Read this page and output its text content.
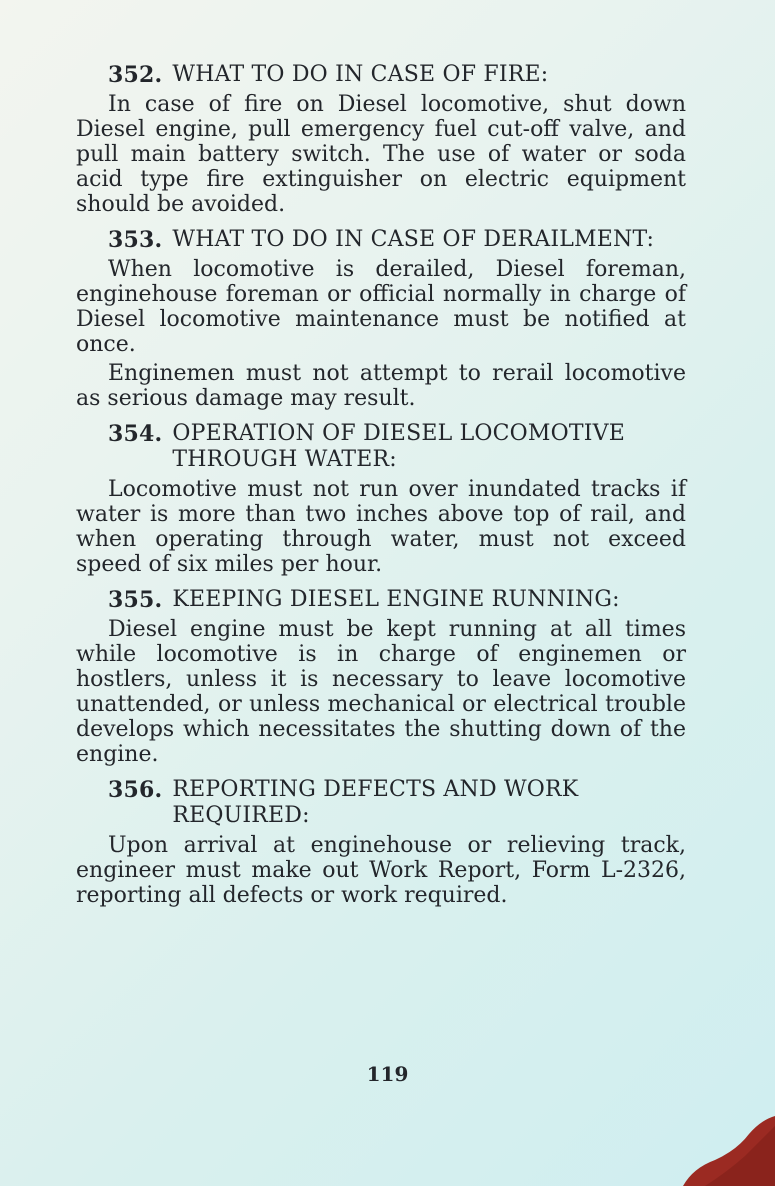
352. WHAT TO DO IN CASE OF FIRE:

In case of fire on Diesel locomotive, shut down Diesel engine, pull emergency fuel cut-off valve, and pull main battery switch. The use of water or soda acid type fire extinguisher on electric equipment should be avoided.

353. WHAT TO DO IN CASE OF DERAILMENT:

When locomotive is derailed, Diesel foreman, enginehouse foreman or official normally in charge of Diesel locomotive maintenance must be notified at once.

Enginemen must not attempt to rerail locomotive as serious damage may result.

354. OPERATION OF DIESEL LOCOMOTIVE THROUGH WATER:

Locomotive must not run over inundated tracks if water is more than two inches above top of rail, and when operating through water, must not exceed speed of six miles per hour.

355. KEEPING DIESEL ENGINE RUNNING:

Diesel engine must be kept running at all times while locomotive is in charge of enginemen or hostlers, unless it is necessary to leave locomotive unattended, or unless mechanical or electrical trouble develops which necessitates the shutting down of the engine.

356. REPORTING DEFECTS AND WORK REQUIRED:

Upon arrival at enginehouse or relieving track, engineer must make out Work Report, Form L-2326, reporting all defects or work required.

119
